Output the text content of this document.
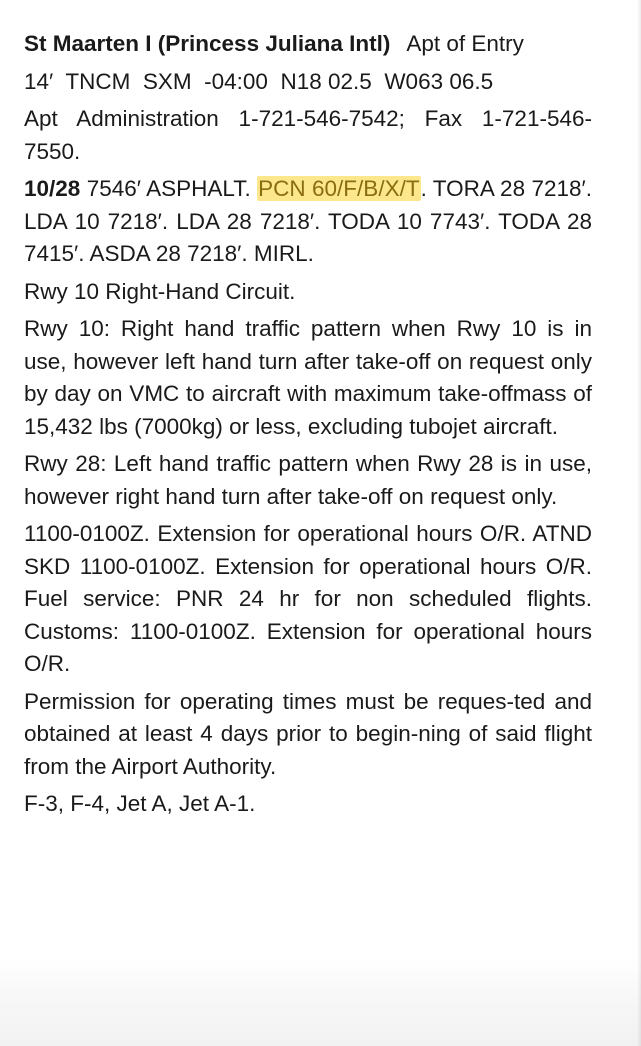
St Maarten I (Princess Juliana Intl) Apt of Entry

14′ TNCM SXM -04:00 N18 02.5 W063 06.5

Apt Administration 1-721-546-7542; Fax 1-721-546-7550.

10/28 7546′ ASPHALT. PCN 60/F/B/X/T. TORA 28 7218′. LDA 10 7218′. LDA 28 7218′. TODA 10 7743′. TODA 28 7415′. ASDA 28 7218′. MIRL.

Rwy 10 Right-Hand Circuit.

Rwy 10: Right hand traffic pattern when Rwy 10 is in use, however left hand turn after take-off on request only by day on VMC to aircraft with maximum take-offmass of 15,432 lbs (7000kg) or less, excluding tubojet aircraft.

Rwy 28: Left hand traffic pattern when Rwy 28 is in use, however right hand turn after take-off on request only.

1100-0100Z. Extension for operational hours O/R. ATND SKD 1100-0100Z. Extension for operational hours O/R. Fuel service: PNR 24 hr for non scheduled flights. Customs: 1100-0100Z. Extension for operational hours O/R.

Permission for operating times must be reques-ted and obtained at least 4 days prior to begin-ning of said flight from the Airport Authority.

F-3, F-4, Jet A, Jet A-1.
